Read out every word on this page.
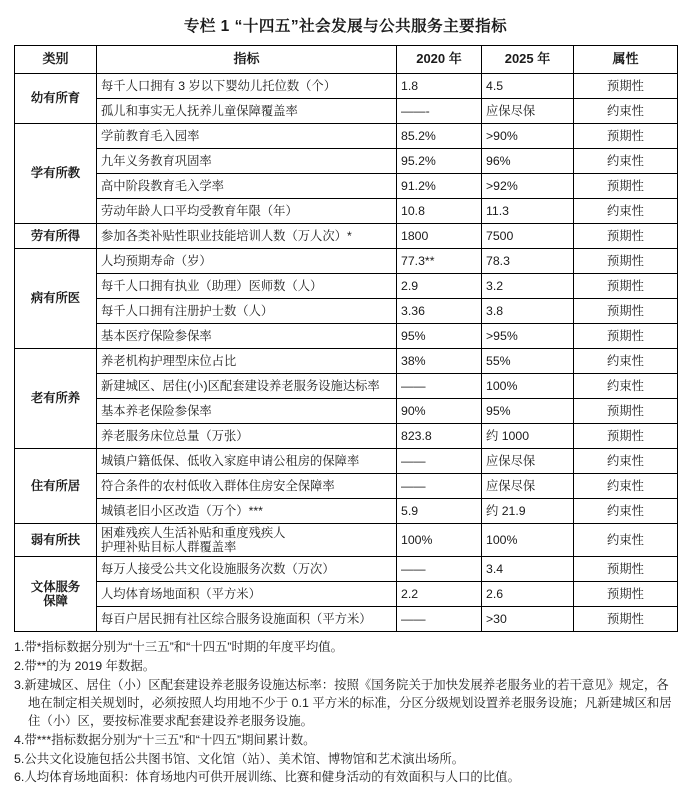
专栏 1 “十四五”社会发展与公共服务主要指标
类别	指标	2020 年	2025 年	属性
幼有所育	每千人口拥有 3 岁以下婴幼儿托位数（个）	1.8	4.5	预期性
	孤儿和事实无人抚养儿童保障覆盖率	——-	应保尽保	约束性
学有所教	学前教育毛入园率	85.2%	>90%	预期性
	九年义务教育巩固率	95.2%	96%	约束性
	高中阶段教育毛入学率	91.2%	>92%	预期性
	劳动年龄人口平均受教育年限（年）	10.8	11.3	约束性
劳有所得	参加各类补贴性职业技能培训人数（万人次）*	1800	7500	预期性
病有所医	人均预期寿命（岁）	77.3**	78.3	预期性
	每千人口拥有执业（助理）医师数（人）	2.9	3.2	预期性
	每千人口拥有注册护士数（人）	3.36	3.8	预期性
	基本医疗保险参保率	95%	>95%	预期性
老有所养	养老机构护理型床位占比	38%	55%	约束性
	新建城区、居住(小)区配套建设养老服务设施达标率	——	100%	约束性
	基本养老保险参保率	90%	95%	预期性
	养老服务床位总量（万张）	823.8	约 1000	预期性
住有所居	城镇户籍低保、低收入家庭申请公租房的保障率	——	应保尽保	约束性
	符合条件的农村低收入群体住房安全保障率	——	应保尽保	约束性
	城镇老旧小区改造（万个）***	5.9	约 21.9	约束性
弱有所扶	困难残疾人生活补贴和重度残疾人
护理补贴目标人群覆盖率	100%	100%	约束性
文体服务
保障	每万人接受公共文化设施服务次数（万次）	——	3.4	预期性
	人均体育场地面积（平方米）	2.2	2.6	预期性
	每百户居民拥有社区综合服务设施面积（平方米）	——	>30	预期性
1.带*指标数据分别为“十三五”和“十四五”时期的年度平均值。
2.带**的为 2019 年数据。
3.新建城区、居住（小）区配套建设养老服务设施达标率：按照《国务院关于加快发展养老服务业的若干意见》规定，各地在制定相关规划时，必须按照人均用地不少于 0.1 平方米的标准，分区分级规划设置养老服务设施；凡新建城区和居住（小）区，要按标准要求配套建设养老服务设施。
4.带***指标数据分别为“十三五”和“十四五”期间累计数。
5.公共文化设施包括公共图书馆、文化馆（站）、美术馆、博物馆和艺术演出场所。
6.人均体育场地面积：体育场地内可供开展训练、比赛和健身活动的有效面积与人口的比值。
